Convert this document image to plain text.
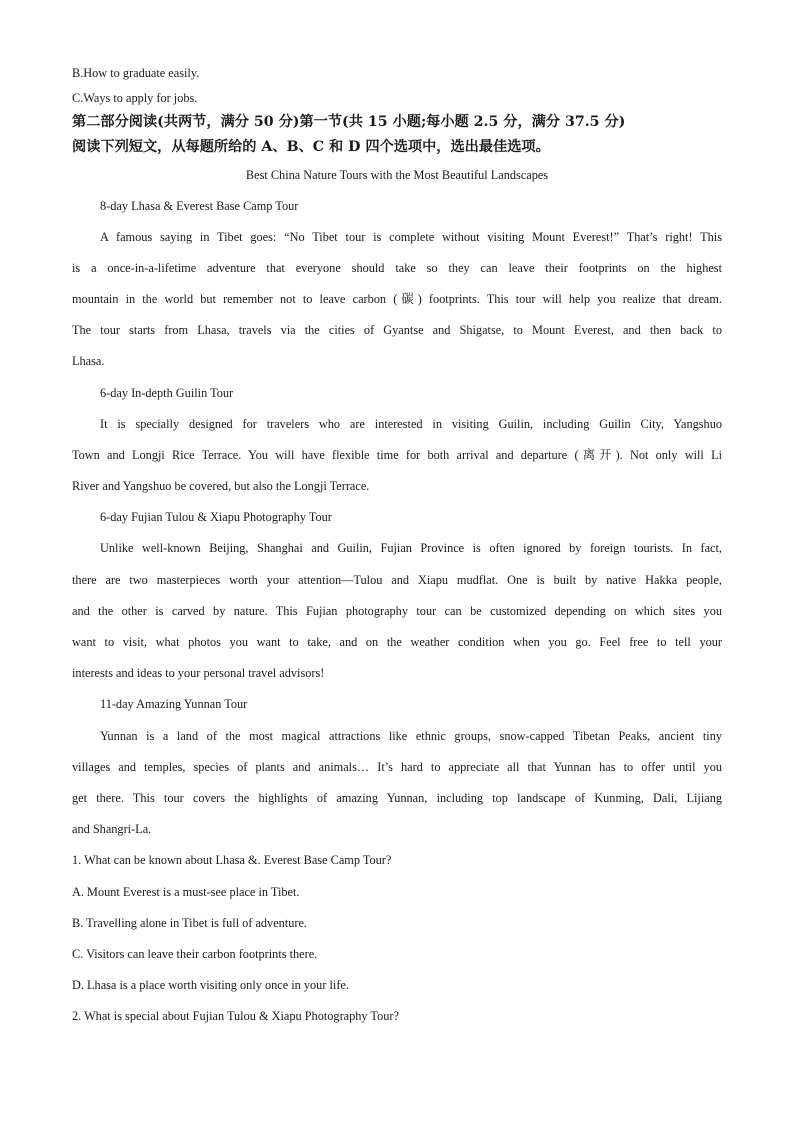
B.How to graduate easily.
C.Ways to apply for jobs.
第二部分阅读(共两节，满分 50 分)第一节(共 15 小题;每小题 2.5 分，满分 37.5 分)
阅读下列短文，从每题所给的 A、B、C 和 D 四个选项中，选出最佳选项。
Best China Nature Tours with the Most Beautiful Landscapes
8-day Lhasa & Everest Base Camp Tour
A famous saying in Tibet goes: “No Tibet tour is complete without visiting Mount Everest!” That’s right! This
is a once-in-a-lifetime adventure that everyone should take so they can leave their footprints on the highest
mountain in the world but remember not to leave carbon (碳) footprints. This tour will help you realize that dream.
The tour starts from Lhasa, travels via the cities of Gyantse and Shigatse, to Mount Everest, and then back to
Lhasa.
6-day In-depth Guilin Tour
It is specially designed for travelers who are interested in visiting Guilin, including Guilin City, Yangshuo
Town and Longji Rice Terrace. You will have flexible time for both arrival and departure (离开). Not only will Li
River and Yangshuo be covered, but also the Longji Terrace.
6-day Fujian Tulou & Xiapu Photography Tour
Unlike well-known Beijing, Shanghai and Guilin, Fujian Province is often ignored by foreign tourists. In fact,
there are two masterpieces worth your attention—Tulou and Xiapu mudflat. One is built by native Hakka people,
and the other is carved by nature. This Fujian photography tour can be customized depending on which sites you
want to visit, what photos you want to take, and on the weather condition when you go. Feel free to tell your
interests and ideas to your personal travel advisors!
11-day Amazing Yunnan Tour
Yunnan is a land of the most magical attractions like ethnic groups, snow-capped Tibetan Peaks, ancient tiny
villages and temples, species of plants and animals… It’s hard to appreciate all that Yunnan has to offer until you
get there. This tour covers the highlights of amazing Yunnan, including top landscape of Kunming, Dali, Lijiang
and Shangri-La.
1. What can be known about Lhasa &. Everest Base Camp Tour?
A. Mount Everest is a must-see place in Tibet.
B. Travelling alone in Tibet is full of adventure.
C. Visitors can leave their carbon footprints there.
D. Lhasa is a place worth visiting only once in your life.
2. What is special about Fujian Tulou & Xiapu Photography Tour?
